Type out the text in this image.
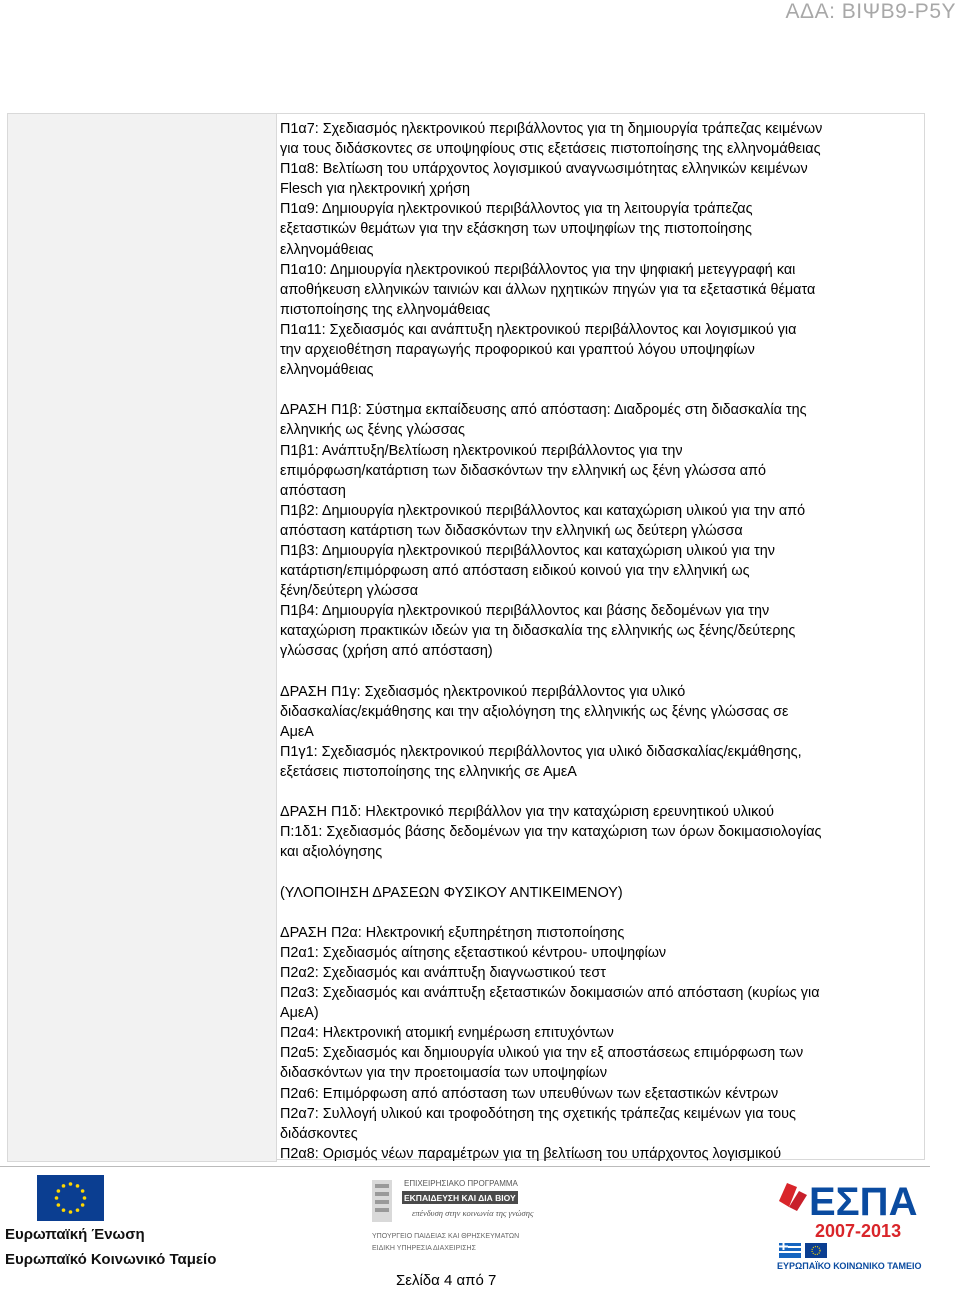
ΑΔΑ: ΒΙΨΒ9-Ρ5Υ
Π1α7: Σχεδιασμός ηλεκτρονικού περιβάλλοντος για τη δημιουργία τράπεζας κειμένων
για τους διδάσκοντες σε υποψηφίους στις εξετάσεις πιστοποίησης της ελληνομάθειας
Π1α8: Βελτίωση του υπάρχοντος λογισμικού αναγνωσιμότητας ελληνικών κειμένων
Flesch για ηλεκτρονική χρήση
Π1α9: Δημιουργία ηλεκτρονικού περιβάλλοντος για τη λειτουργία τράπεζας
εξεταστικών θεμάτων για την εξάσκηση των υποψηφίων της πιστοποίησης
ελληνομάθειας
Π1α10: Δημιουργία ηλεκτρονικού περιβάλλοντος για την ψηφιακή μετεγγραφή και
αποθήκευση ελληνικών ταινιών και άλλων ηχητικών πηγών για τα εξεταστικά θέματα
πιστοποίησης της ελληνομάθειας
Π1α11: Σχεδιασμός και ανάπτυξη ηλεκτρονικού περιβάλλοντος και λογισμικού για
την αρχειοθέτηση παραγωγής προφορικού και γραπτού λόγου υποψηφίων
ελληνομάθειας
ΔΡΑΣΗ Π1β: Σύστημα εκπαίδευσης από απόσταση: Διαδρομές στη διδασκαλία της
ελληνικής ως ξένης γλώσσας
Π1β1: Ανάπτυξη/Βελτίωση ηλεκτρονικού περιβάλλοντος για την
επιμόρφωση/κατάρτιση των διδασκόντων την ελληνική ως ξένη γλώσσα από
απόσταση
Π1β2: Δημιουργία ηλεκτρονικού περιβάλλοντος και καταχώριση υλικού για την από
απόσταση κατάρτιση των διδασκόντων την ελληνική ως δεύτερη γλώσσα
Π1β3: Δημιουργία ηλεκτρονικού περιβάλλοντος και καταχώριση υλικού για την
κατάρτιση/επιμόρφωση από απόσταση ειδικού κοινού για την ελληνική ως
ξένη/δεύτερη γλώσσα
Π1β4: Δημιουργία ηλεκτρονικού περιβάλλοντος και βάσης δεδομένων για την
καταχώριση πρακτικών ιδεών για τη διδασκαλία της ελληνικής ως ξένης/δεύτερης
γλώσσας (χρήση από απόσταση)
ΔΡΑΣΗ Π1γ: Σχεδιασμός ηλεκτρονικού περιβάλλοντος για υλικό
διδασκαλίας/εκμάθησης και την αξιολόγηση της ελληνικής ως ξένης γλώσσας σε
ΑμεΑ
Π1γ1: Σχεδιασμός ηλεκτρονικού περιβάλλοντος για υλικό διδασκαλίας/εκμάθησης,
εξετάσεις πιστοποίησης της ελληνικής σε ΑμεΑ
ΔΡΑΣΗ Π1δ: Ηλεκτρονικό περιβάλλον για την καταχώριση ερευνητικού υλικού
Π:1δ1: Σχεδιασμός βάσης δεδομένων για την καταχώριση των όρων δοκιμασιολογίας
και αξιολόγησης
(ΥΛΟΠΟΙΗΣΗ ΔΡΑΣΕΩΝ ΦΥΣΙΚΟΥ ΑΝΤΙΚΕΙΜΕΝΟΥ)
ΔΡΑΣΗ Π2α: Ηλεκτρονική εξυπηρέτηση πιστοποίησης
Π2α1: Σχεδιασμός αίτησης εξεταστικού κέντρου- υποψηφίων
Π2α2: Σχεδιασμός και ανάπτυξη διαγνωστικού τεστ
Π2α3: Σχεδιασμός και ανάπτυξη εξεταστικών δοκιμασιών από απόσταση (κυρίως για
ΑμεΑ)
Π2α4: Ηλεκτρονική ατομική ενημέρωση επιτυχόντων
Π2α5: Σχεδιασμός και δημιουργία υλικού για την εξ αποστάσεως επιμόρφωση των
διδασκόντων για την προετοιμασία των υποψηφίων
Π2α6: Επιμόρφωση από απόσταση των υπευθύνων των εξεταστικών κέντρων
Π2α7: Συλλογή υλικού και τροφοδότηση της σχετικής τράπεζας κειμένων για τους
διδάσκοντες
Π2α8: Ορισμός νέων παραμέτρων για τη βελτίωση του υπάρχοντος λογισμικού
Ευρωπαϊκή Ένωση
Ευρωπαϊκό Κοινωνικό Ταμείο
ΕΠΙΧΕΙΡΗΣΙΑΚΟ ΠΡΟΓΡΑΜΜΑ
ΕΚΠΑΙΔΕΥΣΗ ΚΑΙ ΔΙΑ ΒΙΟΥ ΜΑΘΗΣΗ
επένδυση στην κοινωνία της γνώσης
ΥΠΟΥΡΓΕΙΟ ΠΑΙΔΕΙΑΣ ΚΑΙ ΘΡΗΣΚΕΥΜΑΤΩΝ
ΕΙΔΙΚΗ ΥΠΗΡΕΣΙΑ ΔΙΑΧΕΙΡΙΣΗΣ
ΕΣΠΑ
2007-2013
ΕΥΡΩΠΑΪΚΟ ΚΟΙΝΩΝΙΚΟ ΤΑΜΕΙΟ
Σελίδα 4 από 7
